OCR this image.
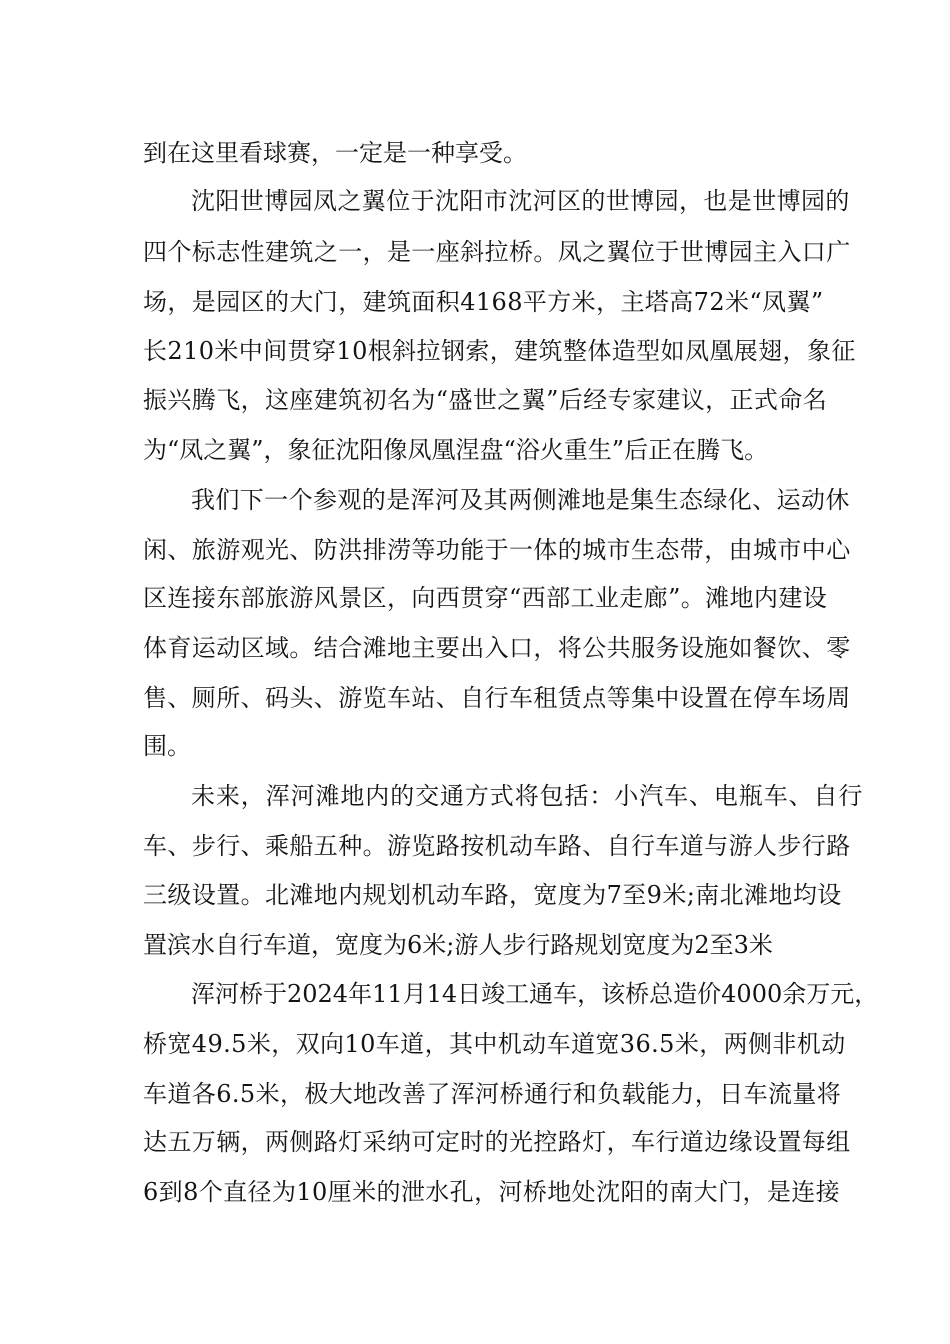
到在这里看球赛，一定是一种享受。
沈阳世博园凤之翼位于沈阳市沈河区的世博园，也是世博园的
四个标志性建筑之一，是一座斜拉桥。凤之翼位于世博园主入口广
场，是园区的大门，建筑面积4168平方米，主塔高72米“凤翼”
长210米中间贯穿10根斜拉钢索，建筑整体造型如凤凰展翅，象征
振兴腾飞，这座建筑初名为“盛世之翼”后经专家建议，正式命名
为“凤之翼”，象征沈阳像凤凰涅盘“浴火重生”后正在腾飞。
我们下一个参观的是浑河及其两侧滩地是集生态绿化、运动休
闲、旅游观光、防洪排涝等功能于一体的城市生态带，由城市中心
区连接东部旅游风景区，向西贯穿“西部工业走廊”。滩地内建设
体育运动区域。结合滩地主要出入口，将公共服务设施如餐饮、零
售、厕所、码头、游览车站、自行车租赁点等集中设置在停车场周
围。
未来，浑河滩地内的交通方式将包括：小汽车、电瓶车、自行
车、步行、乘船五种。游览路按机动车路、自行车道与游人步行路
三级设置。北滩地内规划机动车路，宽度为7至9米;南北滩地均设
置滨水自行车道，宽度为6米;游人步行路规划宽度为2至3米
浑河桥于2024年11月14日竣工通车，该桥总造价4000余万元，
桥宽49.5米，双向10车道，其中机动车道宽36.5米，两侧非机动
车道各6.5米，极大地改善了浑河桥通行和负载能力，日车流量将
达五万辆，两侧路灯采纳可定时的光控路灯，车行道边缘设置每组
6到8个直径为10厘米的泄水孔，河桥地处沈阳的南大门，是连接
